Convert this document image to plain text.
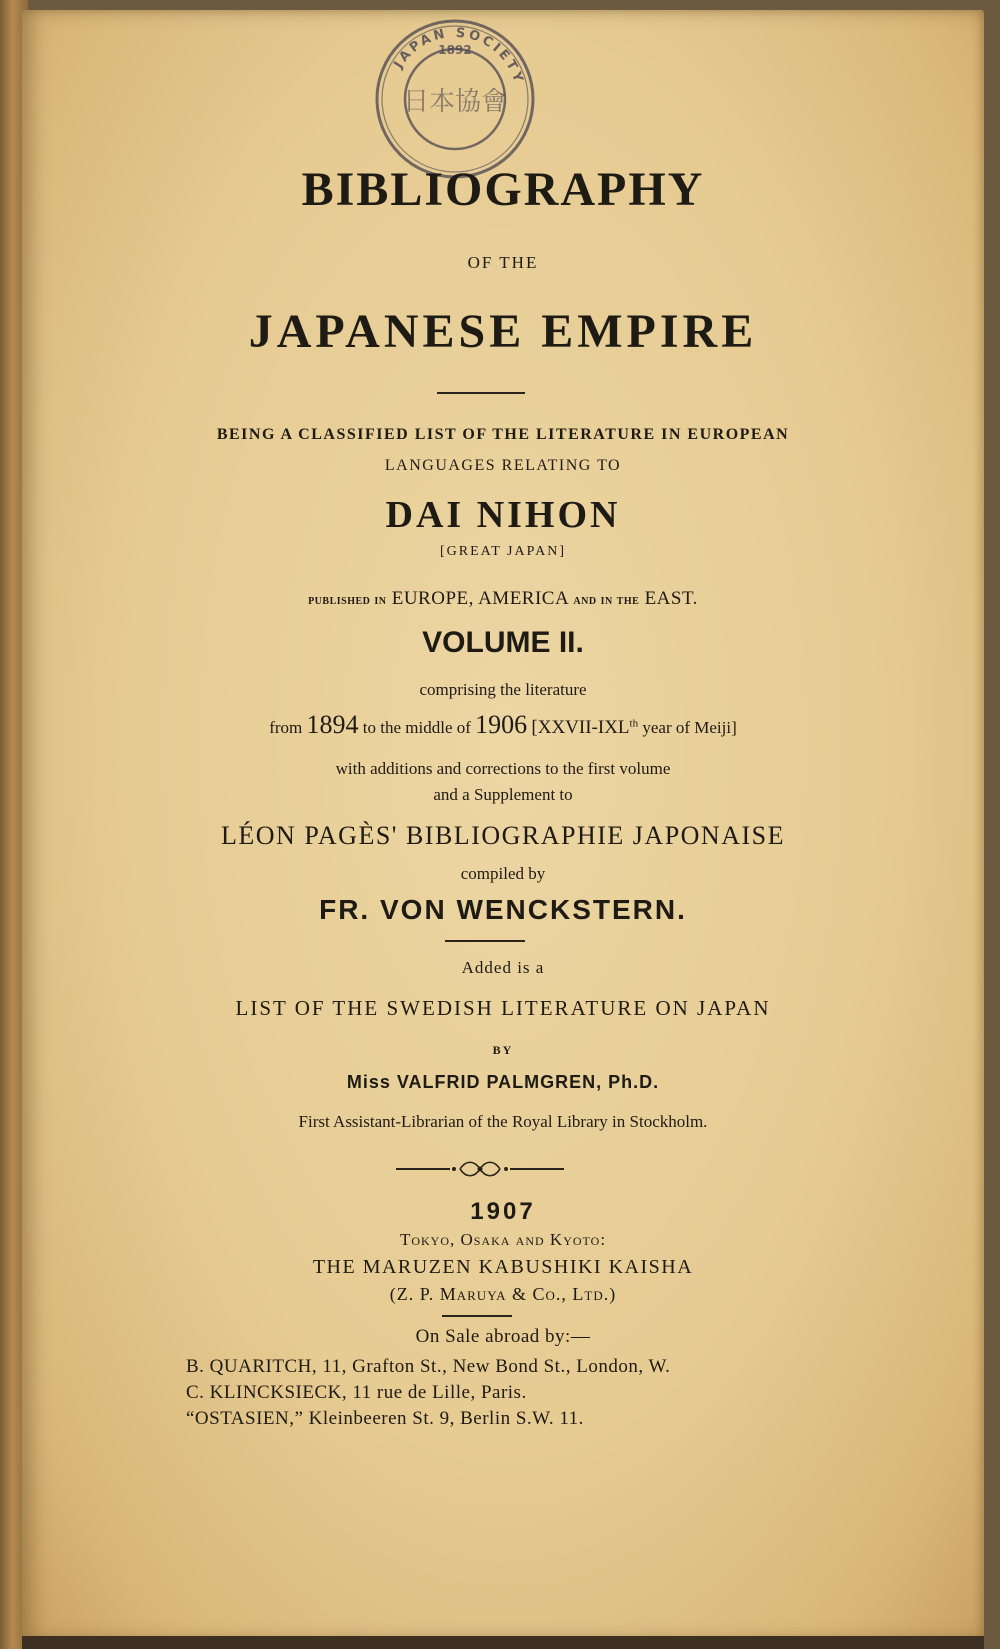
JAPAN SOCIETY
1892
日本協會
BIBLIOGRAPHY
OF THE
JAPANESE EMPIRE
BEING A CLASSIFIED LIST OF THE LITERATURE IN EUROPEAN
LANGUAGES RELATING TO
DAI NIHON
[GREAT JAPAN]
published in EUROPE, AMERICA and in the EAST.
VOLUME II.
comprising the literature
from 1894 to the middle of 1906 [XXVII-IXLth year of Meiji]
with additions and corrections to the first volume
and a Supplement to
LÉON PAGÈS' BIBLIOGRAPHIE JAPONAISE
compiled by
FR. VON WENCKSTERN.
Added is a
LIST OF THE SWEDISH LITERATURE ON JAPAN
BY
Miss VALFRID PALMGREN, Ph.D.
First Assistant-Librarian of the Royal Library in Stockholm.
1907
Tokyo, Osaka and Kyoto:
THE MARUZEN KABUSHIKI KAISHA
(Z. P. Maruya & Co., Ltd.)
On Sale abroad by:—
B. QUARITCH, 11, Grafton St., New Bond St., London, W.
C. KLINCKSIECK, 11 rue de Lille, Paris.
“OSTASIEN,” Kleinbeeren St. 9, Berlin S.W. 11.
